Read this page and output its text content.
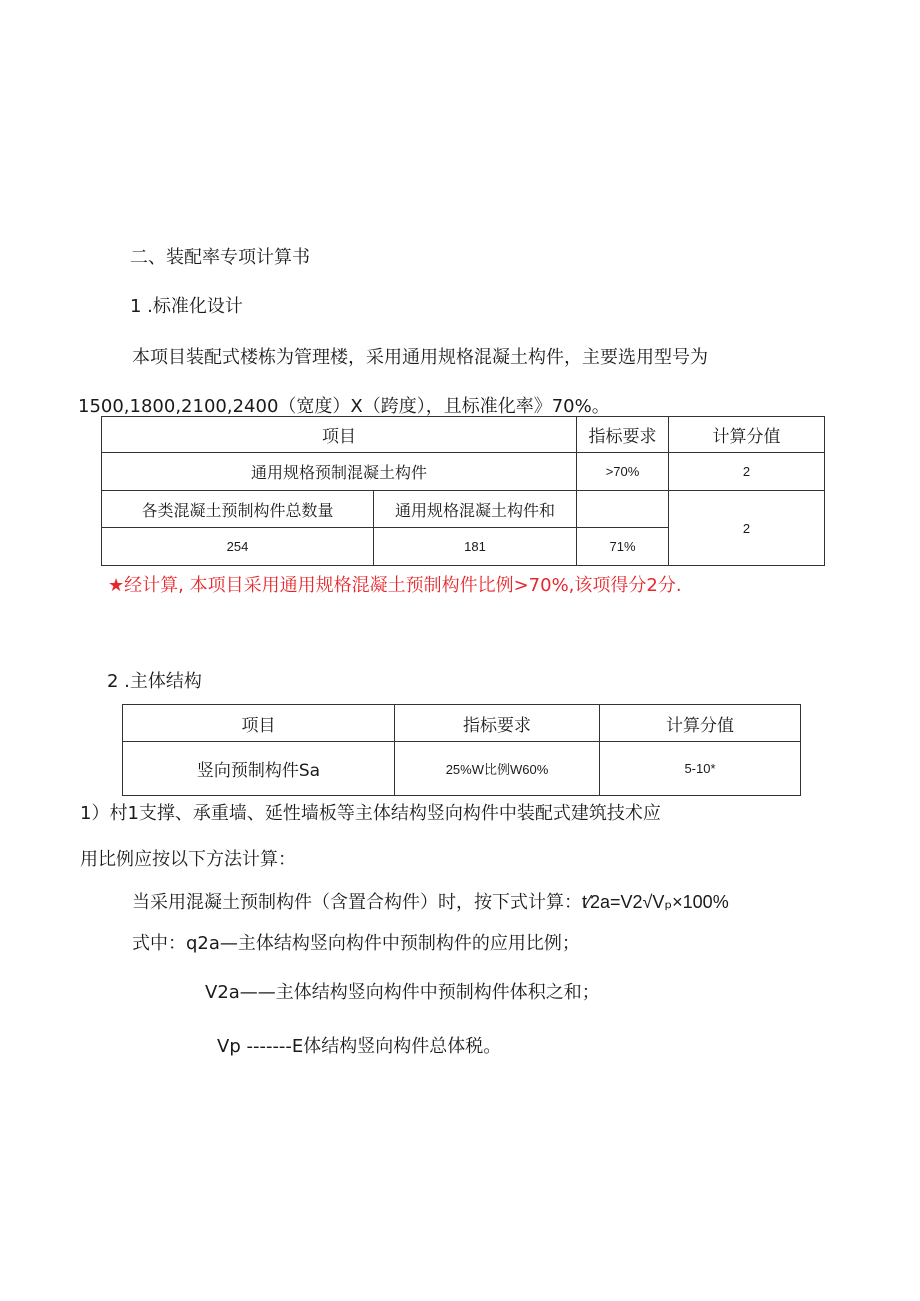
二、装配率专项计算书
1 .标准化设计
本项目装配式楼栋为管理楼，采用通用规格混凝土构件，主要选用型号为
1500,1800,2100,2400（宽度）X（跨度），且标准化率》70%。
项目		指标要求	计算分值
通用规格预制混凝土构件		>70%	2
各类混凝土预制构件总数量	通用规格混凝土构件和		2
254	181	71%	
★经计算, 本项目采用通用规格混凝土预制构件比例>70%,该项得分2分.
2 .主体结构
项目	指标要求	计算分值
竖向预制构件Sa	25%W比例W60%	5-10*
1）村1支撑、承重墙、延性墙板等主体结构竖向构件中装配式建筑技术应
用比例应按以下方法计算：
当采用混凝土预制构件（含置合构件）时，按下式计算：t⁄2a=V2√Vₚ×100%
式中：q2a—主体结构竖向构件中预制构件的应用比例；
V2a——主体结构竖向构件中预制构件体积之和；
Vp -------E体结构竖向构件总体税。
